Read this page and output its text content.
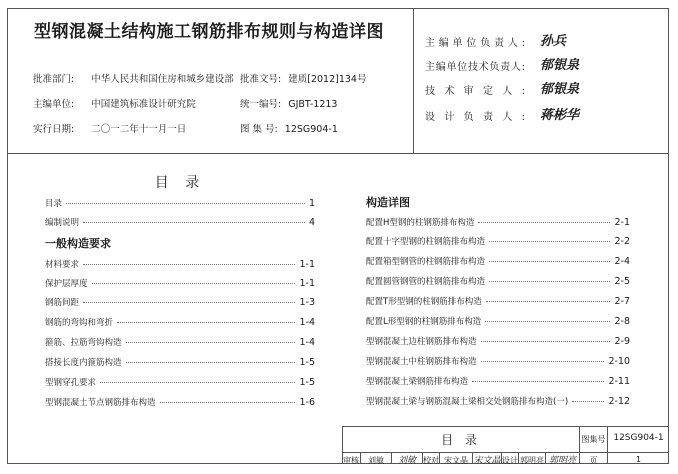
型钢混凝土结构施工钢筋排布规则与构造详图
批准部门: 中华人民共和国住房和城乡建设部 批准文号: 建质[2012]134号
主编单位: 中国建筑标准设计研究院	统一编号: GJBT-1213
实行日期: 二〇一二年十一月一日	图 集 号: 12SG904-1
主编单位负责人: 孙兵
主编单位技术负责人: 郁银泉
技术审定人: 郁银泉
设计负责人: 蒋彬华
目 录
目录	1
编制说明	4
一般构造要求
材料要求	1-1
保护层厚度	1-1
钢筋间距	1-3
钢筋的弯钩和弯折	1-4
箍筋、拉筋弯钩构造	1-4
搭接长度内箍筋构造	1-5
型钢穿孔要求	1-5
型钢混凝土节点钢筋排布构造	1-6
构造详图
配置H型钢的柱钢筋排布构造	2-1
配置十字型钢的柱钢筋排布构造	2-2
配置箱型钢管的柱钢筋排布构造	2-4
配置圆管钢管的柱钢筋排布构造	2-5
配置T形型钢的柱钢筋排布构造	2-7
配置L形型钢的柱钢筋排布构造	2-8
型钢混凝土边柱钢筋排布构造	2-9
型钢混凝土中柱钢筋排布构造	2-10
型钢混凝土梁钢筋排布构造	2-11
型钢混凝土梁与钢筋混凝土梁相交处钢筋排布构造(一)	2-12
目 录	图集号 12SG904-1
审核	刘敏	刘敏 校对 宋文晶 宋文晶 设计 郭明亮 郭明亮	页	1
